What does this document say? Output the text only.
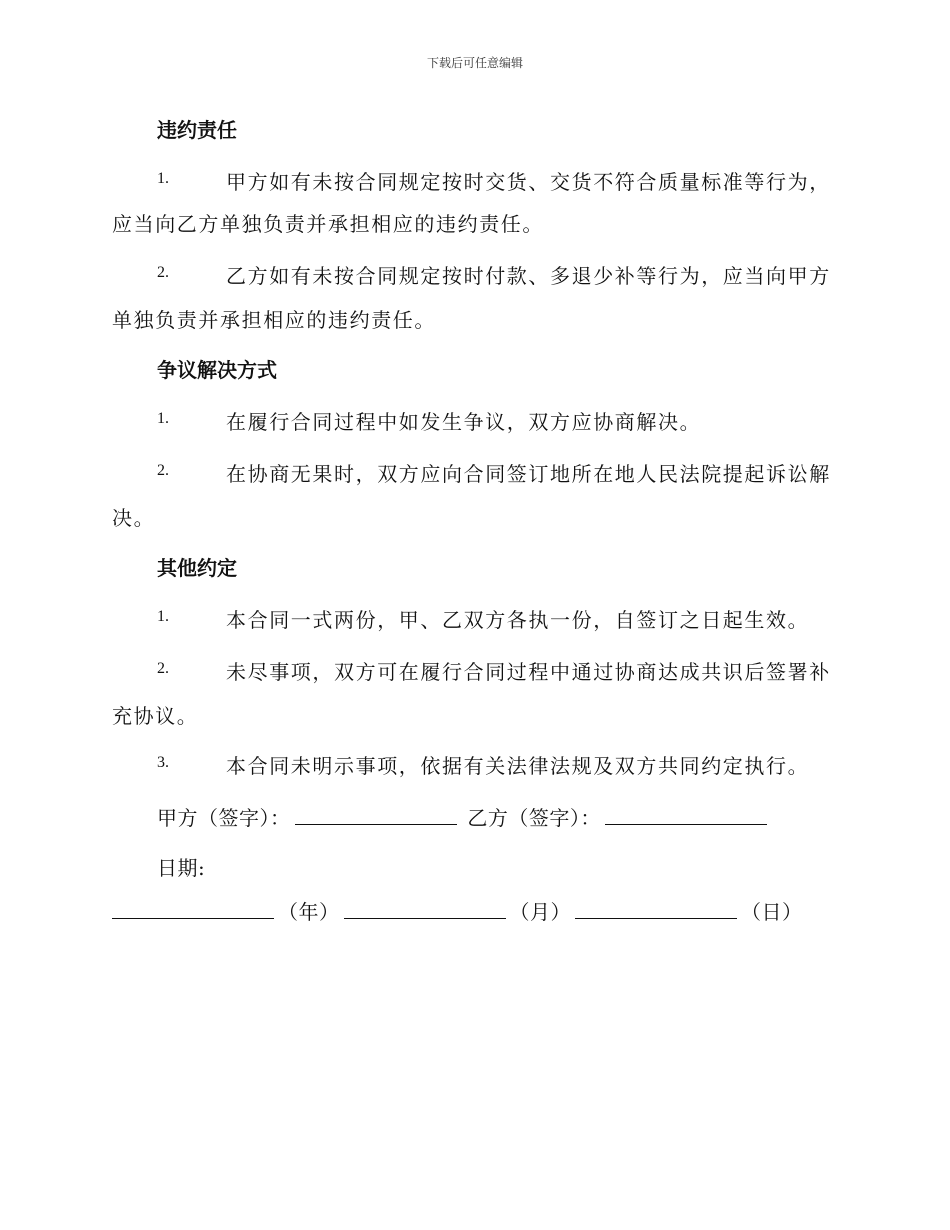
下载后可任意编辑
违约责任
1.	甲方如有未按合同规定按时交货、交货不符合质量标准等行为，
应当向乙方单独负责并承担相应的违约责任。
2.	乙方如有未按合同规定按时付款、多退少补等行为，应当向甲方
单独负责并承担相应的违约责任。
争议解决方式
1.	在履行合同过程中如发生争议，双方应协商解决。
2.	在协商无果时，双方应向合同签订地所在地人民法院提起诉讼解
决。
其他约定
1.	本合同一式两份，甲、乙双方各执一份，自签订之日起生效。
2.	未尽事项，双方可在履行合同过程中通过协商达成共识后签署补
充协议。
3.	本合同未明示事项，依据有关法律法规及双方共同约定执行。
甲方（签字）：	乙方（签字）：
日期:
（年）	（月）	（日）
